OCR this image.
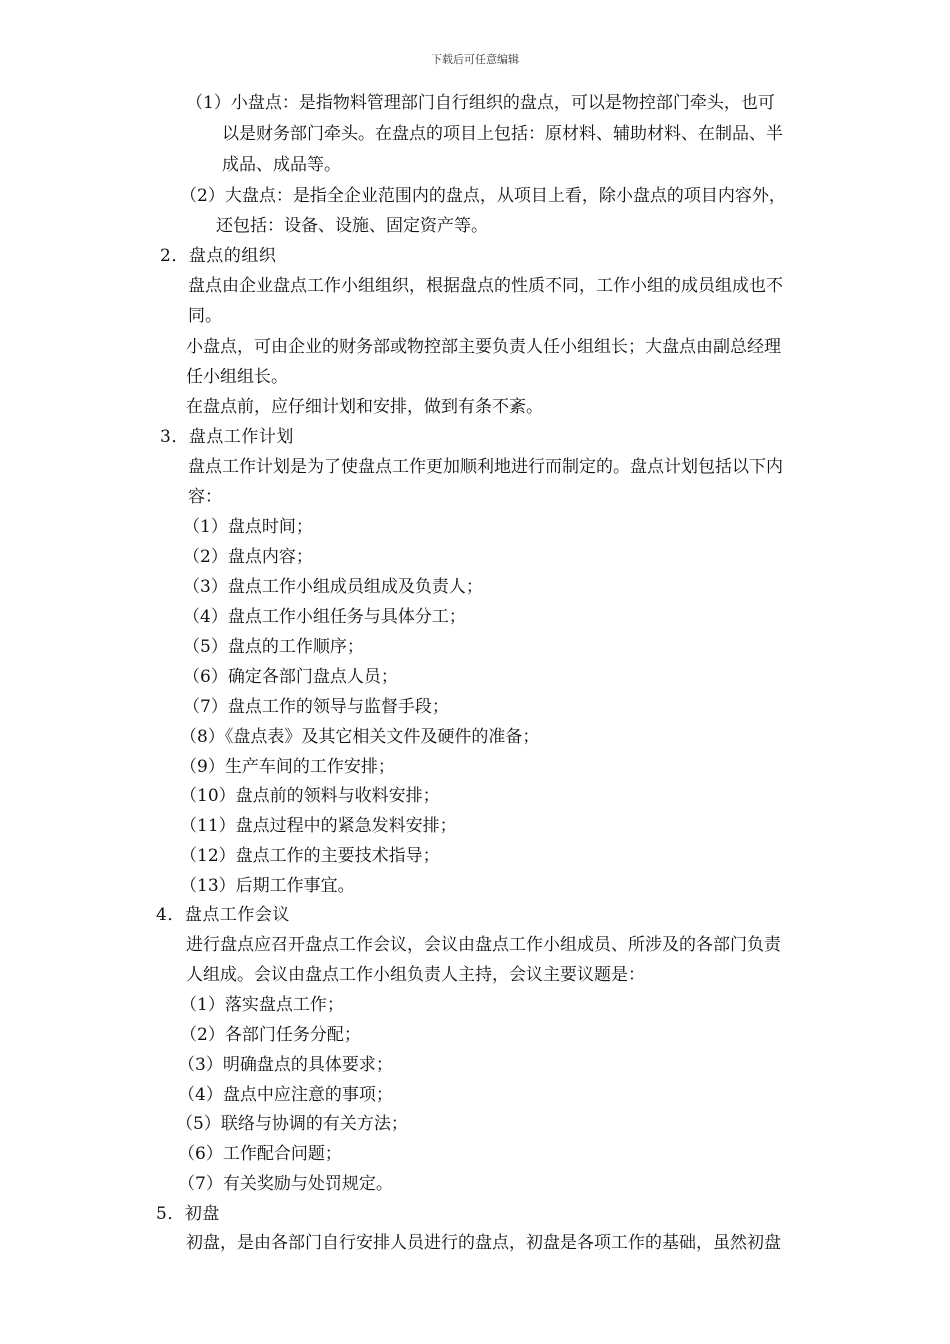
下载后可任意编辑
（1）小盘点：是指物料管理部门自行组织的盘点，可以是物控部门牵头，也可
以是财务部门牵头。在盘点的项目上包括：原材料、辅助材料、在制品、半
成品、成品等。
（2）大盘点：是指全企业范围内的盘点，从项目上看，除小盘点的项目内容外，
还包括：设备、设施、固定资产等。
2．盘点的组织
盘点由企业盘点工作小组组织，根据盘点的性质不同，工作小组的成员组成也不
同。
小盘点，可由企业的财务部或物控部主要负责人任小组组长；大盘点由副总经理
任小组组长。
在盘点前，应仔细计划和安排，做到有条不紊。
3．盘点工作计划
盘点工作计划是为了使盘点工作更加顺利地进行而制定的。盘点计划包括以下内
容：
（1）盘点时间；
（2）盘点内容；
（3）盘点工作小组成员组成及负责人；
（4）盘点工作小组任务与具体分工；
（5）盘点的工作顺序；
（6）确定各部门盘点人员；
（7）盘点工作的领导与监督手段；
（8）《盘点表》及其它相关文件及硬件的准备；
（9）生产车间的工作安排；
（10）盘点前的领料与收料安排；
（11）盘点过程中的紧急发料安排；
（12）盘点工作的主要技术指导；
（13）后期工作事宜。
4．盘点工作会议
进行盘点应召开盘点工作会议，会议由盘点工作小组成员、所涉及的各部门负责
人组成。会议由盘点工作小组负责人主持，会议主要议题是：
（1）落实盘点工作；
（2）各部门任务分配；
（3）明确盘点的具体要求；
（4）盘点中应注意的事项；
（5）联络与协调的有关方法；
（6）工作配合问题；
（7）有关奖励与处罚规定。
5．初盘
初盘，是由各部门自行安排人员进行的盘点，初盘是各项工作的基础，虽然初盘
